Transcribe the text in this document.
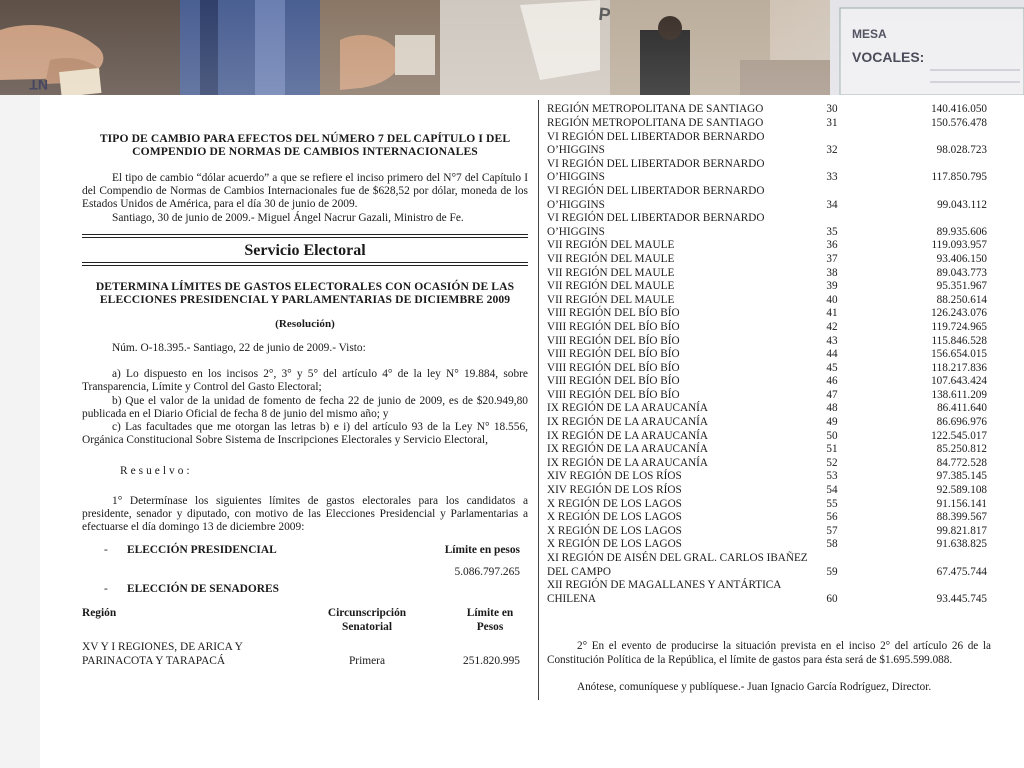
TIPO DE CAMBIO PARA EFECTOS DEL NÚMERO 7 DEL CAPÍTULO I DEL COMPENDIO DE NORMAS DE CAMBIOS INTERNACIONALES

El tipo de cambio “dólar acuerdo” a que se refiere el inciso primero del N°7 del Capítulo I del Compendio de Normas de Cambios Internacionales fue de $628,52 por dólar, moneda de los Estados Unidos de América, para el día 30 de junio de 2009.

Santiago, 30 de junio de 2009.- Miguel Ángel Nacrur Gazali, Ministro de Fe.

Servicio Electoral
DETERMINA LÍMITES DE GASTOS ELECTORALES CON OCASIÓN DE LAS ELECCIONES PRESIDENCIAL Y PARLAMENTARIAS DE DICIEMBRE 2009
(Resolución)

Núm. O-18.395.- Santiago, 22 de junio de 2009.- Visto:

a) Lo dispuesto en los incisos 2°, 3° y 5° del artículo 4° de la ley N° 19.884, sobre Transparencia, Límite y Control del Gasto Electoral;

b) Que el valor de la unidad de fomento de fecha 22 de junio de 2009, es de $20.949,80 publicada en el Diario Oficial de fecha 8 de junio del mismo año; y

c) Las facultades que me otorgan las letras b) e i) del artículo 93 de la Ley N° 18.556, Orgánica Constitucional Sobre Sistema de Inscripciones Electorales y Servicio Electoral,

Resuelvo:

1° Determínase los siguientes límites de gastos electorales para los candidatos a presidente, senador y diputado, con motivo de las Elecciones Presidencial y Parlamentarias a efectuarse el día domingo 13 de diciembre 2009:

- ELECCIÓN PRESIDENCIAL	Límite en pesos
5.086.797.265
- ELECCIÓN DE SENADORES
Región	Circunscripción Senatorial
Límite en Pesos
XV Y I REGIONES, DE ARICA Y PARINACOTA Y TARAPACÁ	Primera	251.820.995
REGIÓN METROPOLITANA DE SANTIAGO	30	140.416.050
REGIÓN METROPOLITANA DE SANTIAGO	31	150.576.478
VI REGIÓN DEL LIBERTADOR BERNARDO O’HIGGINS	32	98.028.723
VI REGIÓN DEL LIBERTADOR BERNARDO O’HIGGINS	33	117.850.795
VI REGIÓN DEL LIBERTADOR BERNARDO O’HIGGINS	34	99.043.112
VI REGIÓN DEL LIBERTADOR BERNARDO O’HIGGINS	35	89.935.606
VII REGIÓN DEL MAULE	36	119.093.957
VII REGIÓN DEL MAULE	37	93.406.150
VII REGIÓN DEL MAULE	38	89.043.773
VII REGIÓN DEL MAULE	39	95.351.967
VII REGIÓN DEL MAULE	40	88.250.614
VIII REGIÓN DEL BÍO BÍO	41	126.243.076
VIII REGIÓN DEL BÍO BÍO	42	119.724.965
VIII REGIÓN DEL BÍO BÍO	43	115.846.528
VIII REGIÓN DEL BÍO BÍO	44	156.654.015
VIII REGIÓN DEL BÍO BÍO	45	118.217.836
VIII REGIÓN DEL BÍO BÍO	46	107.643.424
VIII REGIÓN DEL BÍO BÍO	47	138.611.209
IX REGIÓN DE LA ARAUCANÍA	48	86.411.640
IX REGIÓN DE LA ARAUCANÍA	49	86.696.976
IX REGIÓN DE LA ARAUCANÍA	50	122.545.017
IX REGIÓN DE LA ARAUCANÍA	51	85.250.812
IX REGIÓN DE LA ARAUCANÍA	52	84.772.528
XIV REGIÓN DE LOS RÍOS	53	97.385.145
XIV REGIÓN DE LOS RÍOS	54	92.589.108
X REGIÓN DE LOS LAGOS	55	91.156.141
X REGIÓN DE LOS LAGOS	56	88.399.567
X REGIÓN DE LOS LAGOS	57	99.821.817
X REGIÓN DE LOS LAGOS	58	91.638.825
XI REGIÓN DE AISÉN DEL GRAL. CARLOS IBAÑEZ DEL CAMPO	59	67.475.744
XII REGIÓN DE MAGALLANES Y ANTÁRTICA CHILENA	60	93.445.745

2° En el evento de producirse la situación prevista en el inciso 2° del artículo 26 de la Constitución Política de la República, el límite de gastos para ésta será de $1.695.599.088.

Anótese, comuníquese y publíquese.- Juan Ignacio García Rodríguez, Director.
